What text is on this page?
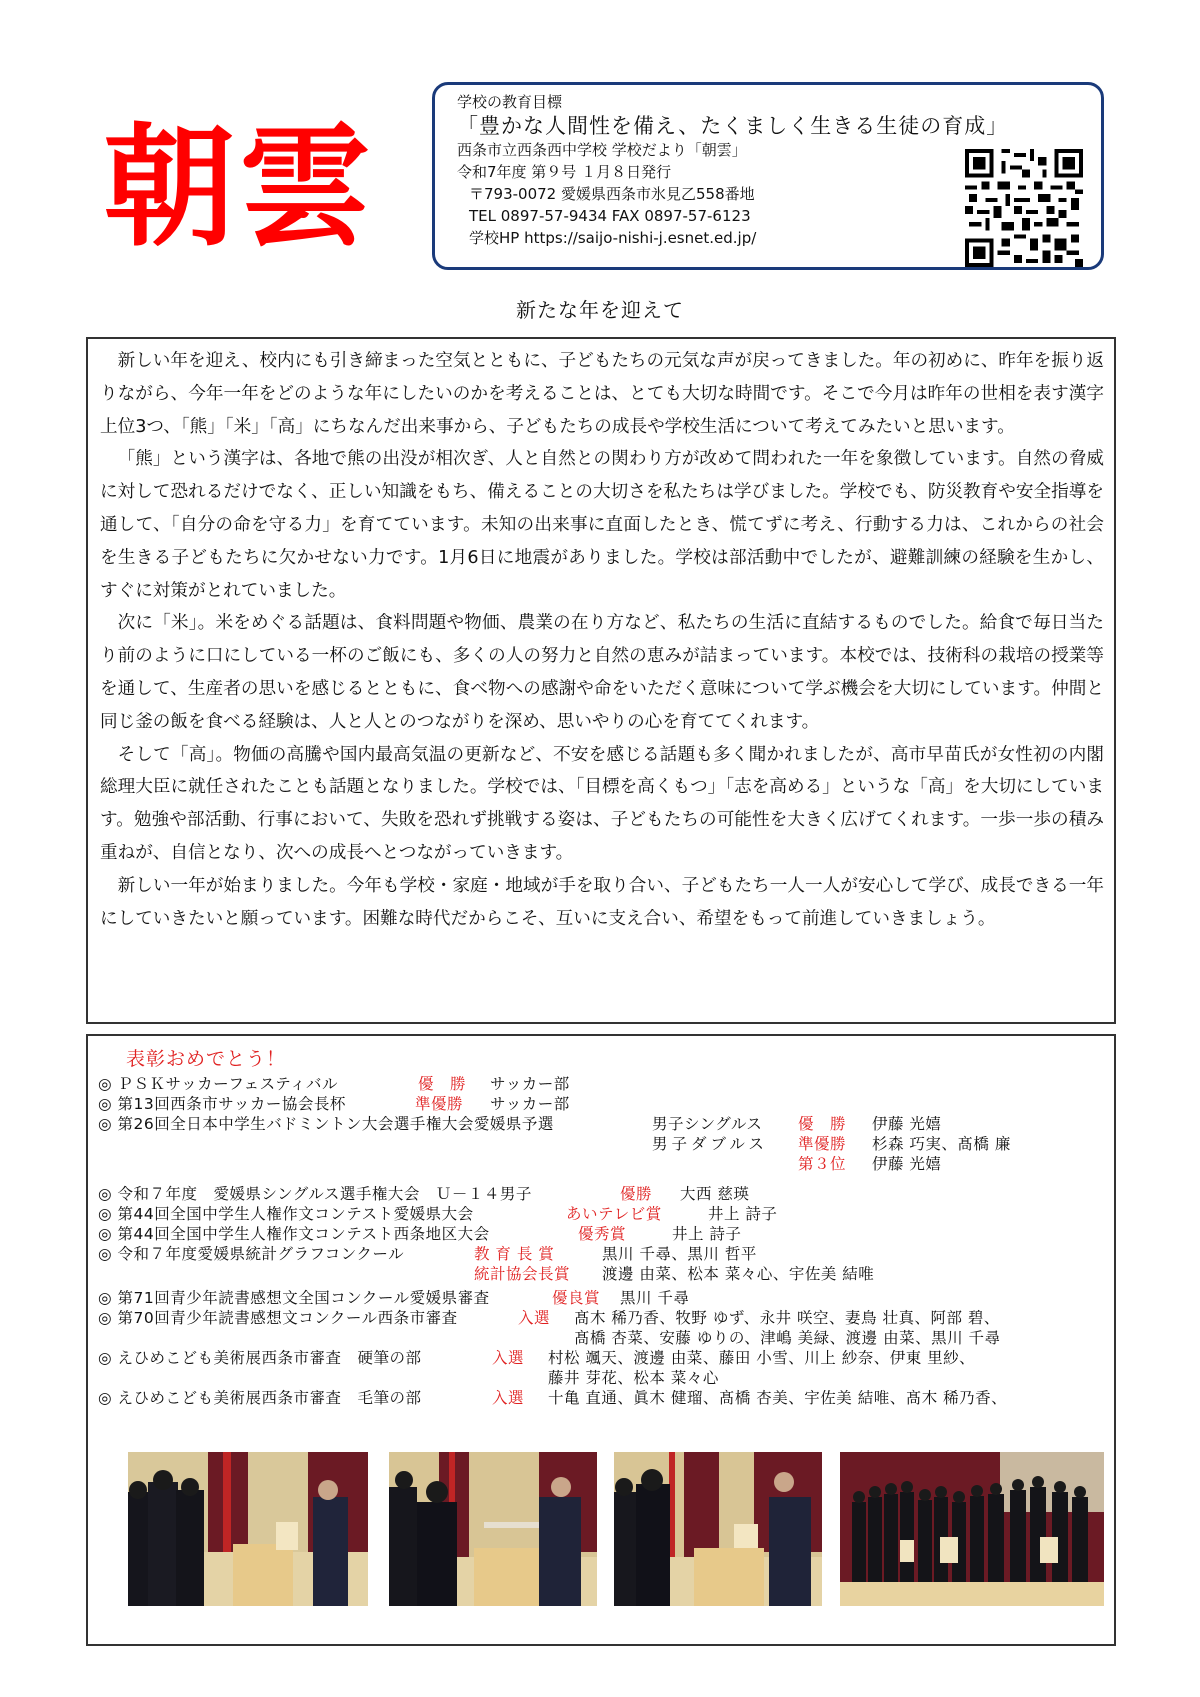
朝雲
学校の教育目標
「豊かな人間性を備え、たくましく生きる生徒の育成」
西条市立西条西中学校 学校だより「朝雲」
令和7年度 第９号 １月８日発行
〒793-0072 愛媛県西条市氷見乙558番地
TEL 0897-57-9434 FAX 0897-57-6123
学校HP https://saijo-nishi-j.esnet.ed.jp/
新たな年を迎えて

新しい年を迎え、校内にも引き締まった空気とともに、子どもたちの元気な声が戻ってきました。年の初めに、昨年を振り返りながら、今年一年をどのような年にしたいのかを考えることは、とても大切な時間です。そこで今月は昨年の世相を表す漢字上位3つ、「熊」「米」「高」にちなんだ出来事から、子どもたちの成長や学校生活について考えてみたいと思います。

「熊」という漢字は、各地で熊の出没が相次ぎ、人と自然との関わり方が改めて問われた一年を象徴しています。自然の脅威に対して恐れるだけでなく、正しい知識をもち、備えることの大切さを私たちは学びました。学校でも、防災教育や安全指導を通して、「自分の命を守る力」を育てています。未知の出来事に直面したとき、慌てずに考え、行動する力は、これからの社会を生きる子どもたちに欠かせない力です。1月6日に地震がありました。学校は部活動中でしたが、避難訓練の経験を生かし、すぐに対策がとれていました。

次に「米」。米をめぐる話題は、食料問題や物価、農業の在り方など、私たちの生活に直結するものでした。給食で毎日当たり前のように口にしている一杯のご飯にも、多くの人の努力と自然の恵みが詰まっています。本校では、技術科の栽培の授業等を通して、生産者の思いを感じるとともに、食べ物への感謝や命をいただく意味について学ぶ機会を大切にしています。仲間と同じ釜の飯を食べる経験は、人と人とのつながりを深め、思いやりの心を育ててくれます。

そして「高」。物価の高騰や国内最高気温の更新など、不安を感じる話題も多く聞かれましたが、高市早苗氏が女性初の内閣総理大臣に就任されたことも話題となりました。学校では、「目標を高くもつ」「志を高める」というな「高」を大切にしています。勉強や部活動、行事において、失敗を恐れず挑戦する姿は、子どもたちの可能性を大きく広げてくれます。一歩一歩の積み重ねが、自信となり、次への成長へとつながっていきます。

新しい一年が始まりました。今年も学校・家庭・地域が手を取り合い、子どもたち一人一人が安心して学び、成長できる一年にしていきたいと願っています。困難な時代だからこそ、互いに支え合い、希望をもって前進していきましょう。

表彰おめでとう！
◎ ＰＳＫサッカーフェスティバル	優　勝 サッカー部
◎ 第13回西条市サッカー協会長杯	準優勝 サッカー部
◎ 第26回全日本中学生バドミントン大会選手権大会愛媛県予選	男子シングルス 優　勝 伊藤 光嬉
男子ダブルス 準優勝 杉森 巧実、髙橋 廉
第３位 伊藤 光嬉
◎ 令和７年度　愛媛県シングルス選手権大会　Ｕ－１４男子	優勝 大西 慈瑛
◎ 第44回全国中学生人権作文コンテスト愛媛県大会	あいテレビ賞	井上 詩子
◎ 第44回全国中学生人権作文コンテスト西条地区大会	優秀賞	井上 詩子
◎ 令和７年度愛媛県統計グラフコンクール	教 育 長 賞	黒川 千尋、黒川 哲平
統計協会長賞 渡邊 由菜、松本 菜々心、宇佐美 結唯
◎ 第71回青少年読書感想文全国コンクール愛媛県審査	優良賞 黒川 千尋
◎ 第70回青少年読書感想文コンクール西条市審査	入選 髙木 稀乃香、牧野 ゆず、永井 咲空、妻鳥 壮真、阿部 碧、
髙橋 杏菜、安藤 ゆりの、津嶋 美緑、渡邊 由菜、黒川 千尋
◎ えひめこども美術展西条市審査　硬筆の部	入選 村松 颯天、渡邊 由菜、藤田 小雪、川上 紗奈、伊東 里紗、
藤井 芽花、松本 菜々心
◎ えひめこども美術展西条市審査　毛筆の部	入選 十亀 直通、眞木 健瑠、髙橋 杏美、宇佐美 結唯、髙木 稀乃香、
